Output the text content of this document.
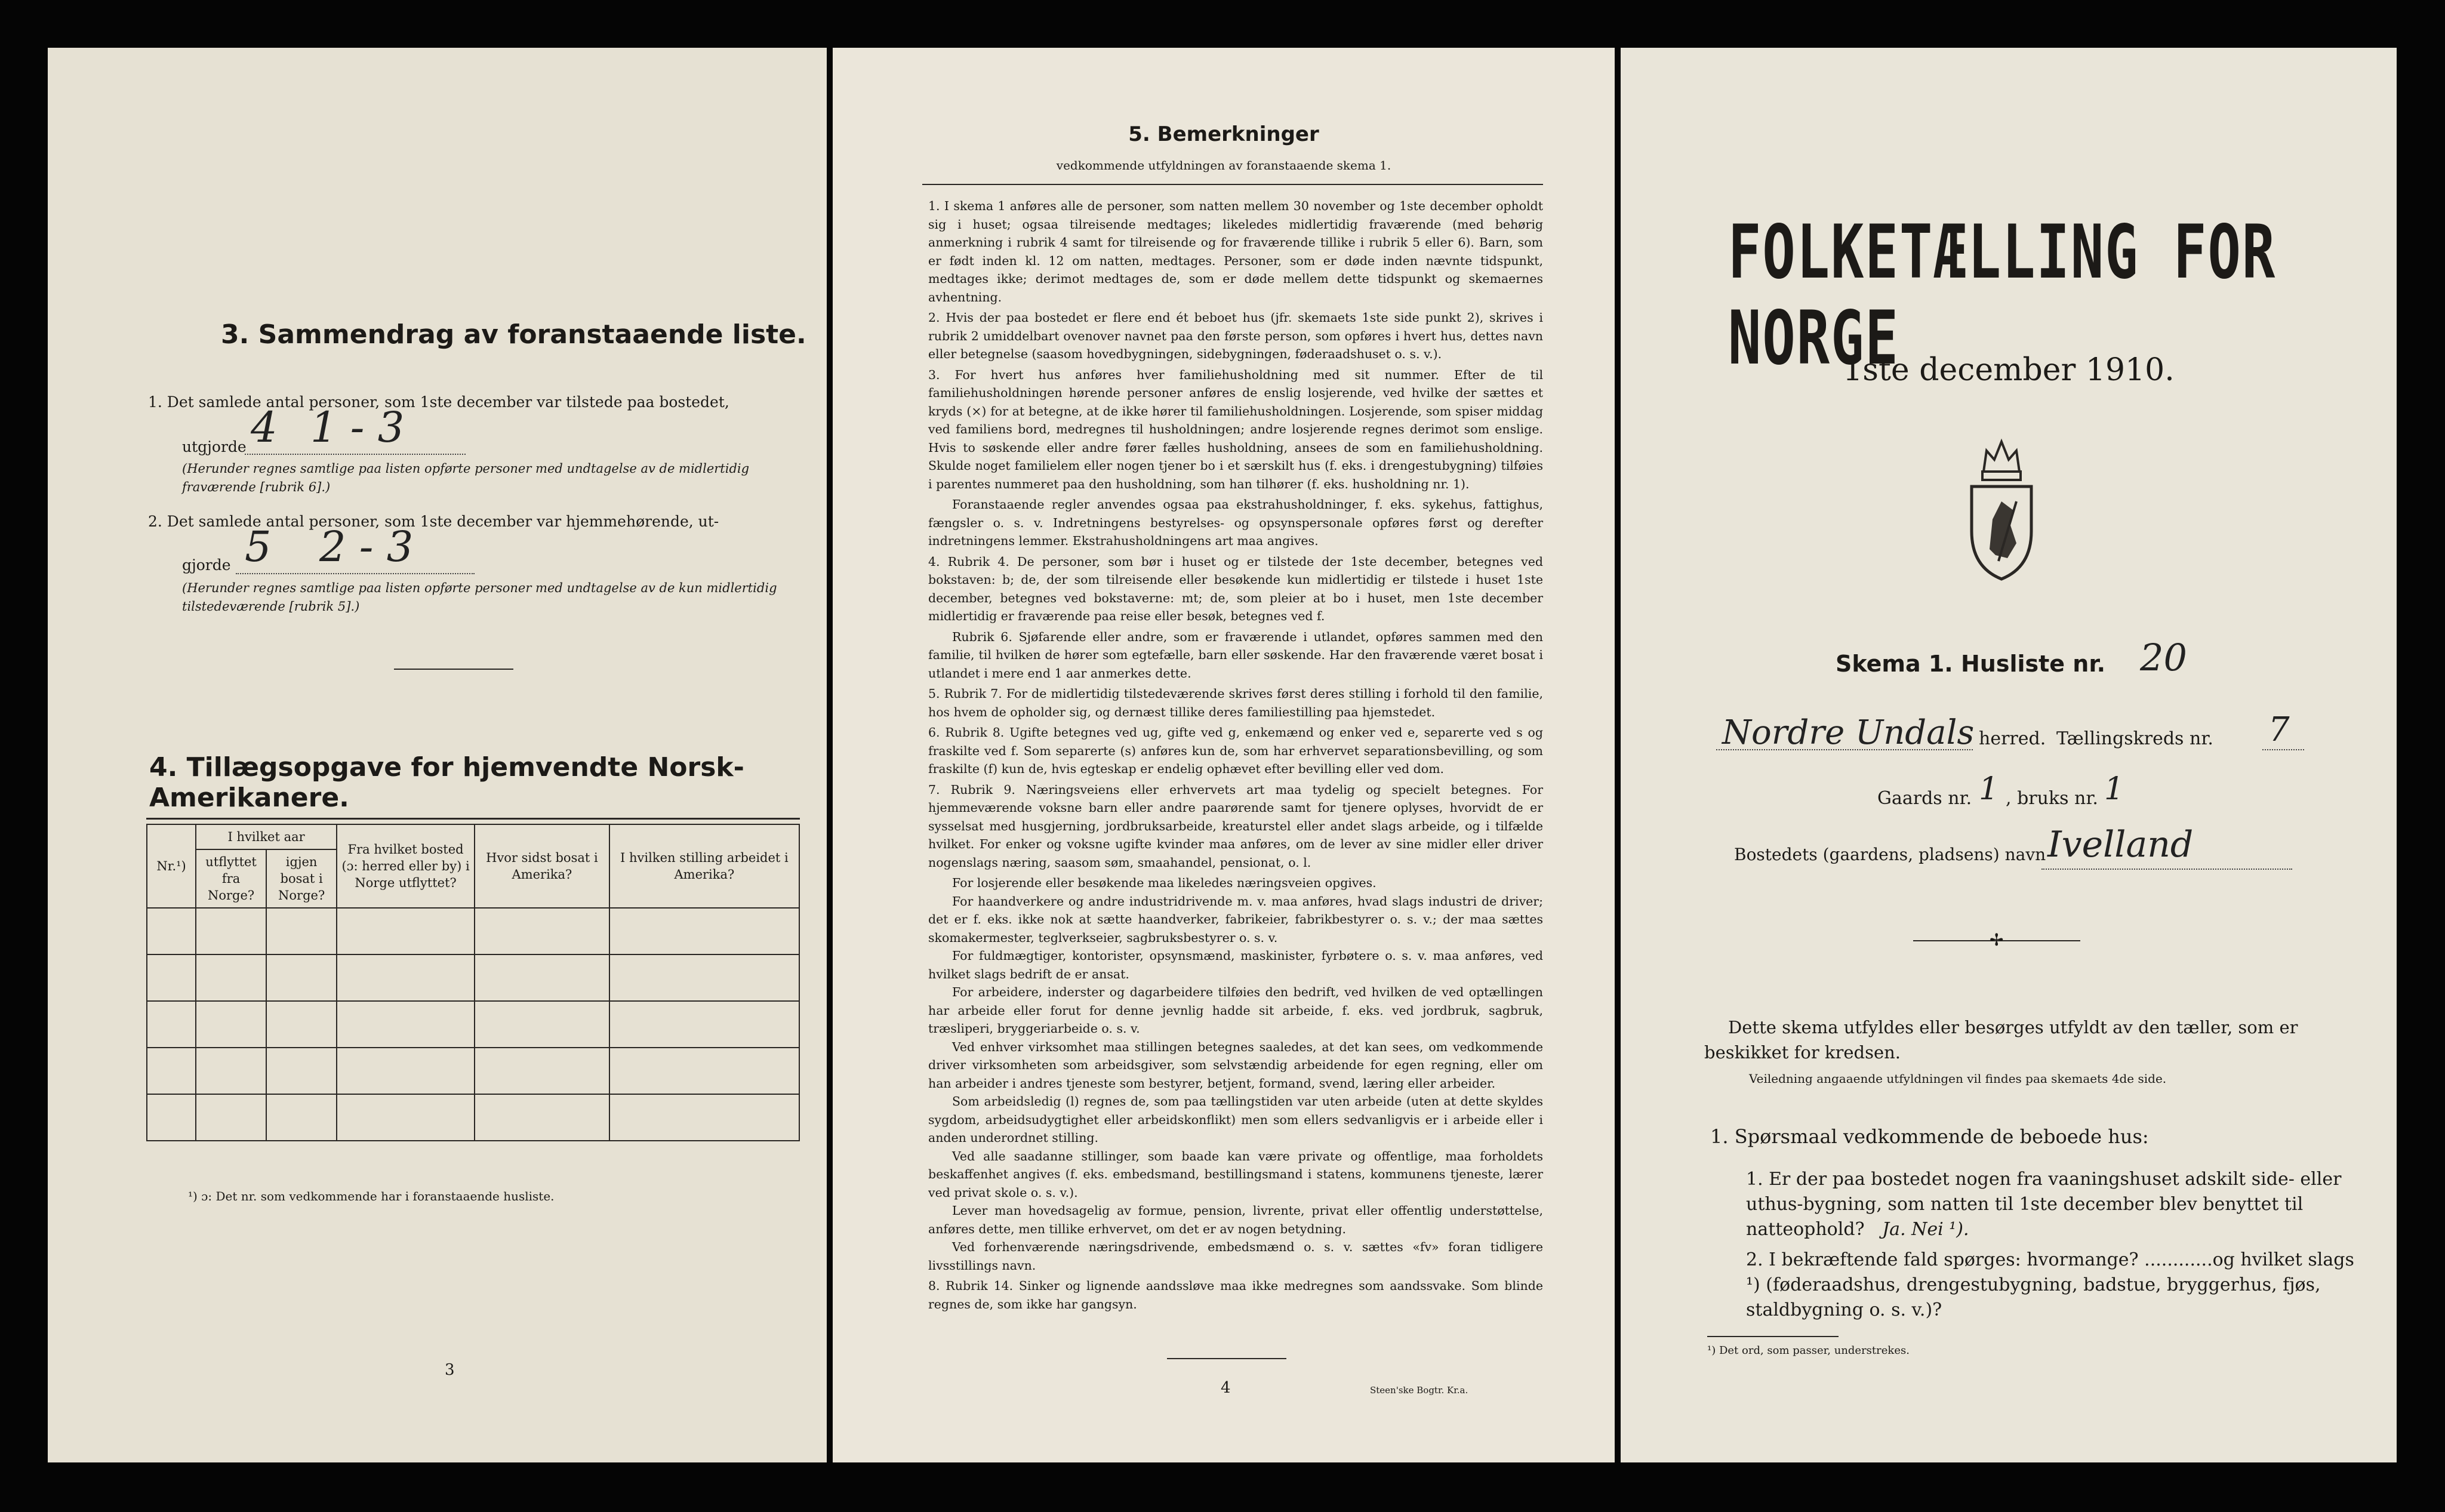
3. Sammendrag av foranstaaende liste.
1. Det samlede antal personer, som 1ste december var tilstede paa bostedet,
utgjorde 4 1 - 3
(Herunder regnes samtlige paa listen opførte personer med undtagelse av de midlertidig fraværende [rubrik 6].)
2. Det samlede antal personer, som 1ste december var hjemmehørende, ut-
gjorde 5 2 - 3
(Herunder regnes samtlige paa listen opførte personer med undtagelse av de kun midlertidig tilstedeværende [rubrik 5].)
4. Tillægsopgave for hjemvendte Norsk-Amerikanere.
Nr.¹)	I hvilket aar		Fra hvilket bosted (ɔ: herred eller by) i Norge utflyttet?	Hvor sidst bosat i Amerika?	I hvilken stilling arbeidet i Amerika?
	utflyttet fra Norge?	igjen bosat i Norge?			

¹) ɔ: Det nr. som vedkommende har i foranstaaende husliste.
3
5. Bemerkninger
vedkommende utfyldningen av foranstaaende skema 1.

1. I skema 1 anføres alle de personer, som natten mellem 30 november og 1ste december opholdt sig i huset; ogsaa tilreisende medtages; likeledes midlertidig fraværende (med behørig anmerkning i rubrik 4 samt for tilreisende og for fraværende tillike i rubrik 5 eller 6). Barn, som er født inden kl. 12 om natten, medtages. Personer, som er døde inden nævnte tidspunkt, medtages ikke; derimot medtages de, som er døde mellem dette tidspunkt og skemaernes avhentning.

2. Hvis der paa bostedet er flere end ét beboet hus (jfr. skemaets 1ste side punkt 2), skrives i rubrik 2 umiddelbart ovenover navnet paa den første person, som opføres i hvert hus, dettes navn eller betegnelse (saasom hovedbygningen, sidebygningen, føderaadshuset o. s. v.).

3. For hvert hus anføres hver familiehusholdning med sit nummer. Efter de til familiehusholdningen hørende personer anføres de enslig losjerende, ved hvilke der sættes et kryds (×) for at betegne, at de ikke hører til familiehusholdningen. Losjerende, som spiser middag ved familiens bord, medregnes til husholdningen; andre losjerende regnes derimot som enslige. Hvis to søskende eller andre fører fælles husholdning, ansees de som en familiehusholdning. Skulde noget familielem eller nogen tjener bo i et særskilt hus (f. eks. i drengestubygning) tilføies i parentes nummeret paa den husholdning, som han tilhører (f. eks. husholdning nr. 1).

Foranstaaende regler anvendes ogsaa paa ekstrahusholdninger, f. eks. sykehus, fattighus, fængsler o. s. v. Indretningens bestyrelses- og opsynspersonale opføres først og derefter indretningens lemmer. Ekstrahusholdningens art maa angives.

4. Rubrik 4. De personer, som bør i huset og er tilstede der 1ste december, betegnes ved bokstaven: b; de, der som tilreisende eller besøkende kun midlertidig er tilstede i huset 1ste december, betegnes ved bokstaverne: mt; de, som pleier at bo i huset, men 1ste december midlertidig er fraværende paa reise eller besøk, betegnes ved f.

Rubrik 6. Sjøfarende eller andre, som er fraværende i utlandet, opføres sammen med den familie, til hvilken de hører som egtefælle, barn eller søskende. Har den fraværende været bosat i utlandet i mere end 1 aar anmerkes dette.

5. Rubrik 7. For de midlertidig tilstedeværende skrives først deres stilling i forhold til den familie, hos hvem de opholder sig, og dernæst tillike deres familiestilling paa hjemstedet.

6. Rubrik 8. Ugifte betegnes ved ug, gifte ved g, enkemænd og enker ved e, separerte ved s og fraskilte ved f. Som separerte (s) anføres kun de, som har erhvervet separationsbevilling, og som fraskilte (f) kun de, hvis egteskap er endelig ophævet efter bevilling eller ved dom.

7. Rubrik 9. Næringsveiens eller erhvervets art maa tydelig og specielt betegnes. For hjemmeværende voksne barn eller andre paarørende samt for tjenere oplyses, hvorvidt de er sysselsat med husgjerning, jordbruksarbeide, kreaturstel eller andet slags arbeide, og i tilfælde hvilket. For enker og voksne ugifte kvinder maa anføres, om de lever av sine midler eller driver nogenslags næring, saasom søm, smaahandel, pensionat, o. l.

For losjerende eller besøkende maa likeledes næringsveien opgives.

For haandverkere og andre industridrivende m. v. maa anføres, hvad slags industri de driver; det er f. eks. ikke nok at sætte haandverker, fabrikeier, fabrikbestyrer o. s. v.; der maa sættes skomakermester, teglverkseier, sagbruksbestyrer o. s. v.

For fuldmægtiger, kontorister, opsynsmænd, maskinister, fyrbøtere o. s. v. maa anføres, ved hvilket slags bedrift de er ansat.

For arbeidere, inderster og dagarbeidere tilføies den bedrift, ved hvilken de ved optællingen har arbeide eller forut for denne jevnlig hadde sit arbeide, f. eks. ved jordbruk, sagbruk, træsliperi, bryggeriarbeide o. s. v.

Ved enhver virksomhet maa stillingen betegnes saaledes, at det kan sees, om vedkommende driver virksomheten som arbeidsgiver, som selvstændig arbeidende for egen regning, eller om han arbeider i andres tjeneste som bestyrer, betjent, formand, svend, læring eller arbeider.

Som arbeidsledig (l) regnes de, som paa tællingstiden var uten arbeide (uten at dette skyldes sygdom, arbeidsudygtighet eller arbeidskonflikt) men som ellers sedvanligvis er i arbeide eller i anden underordnet stilling.

Ved alle saadanne stillinger, som baade kan være private og offentlige, maa forholdets beskaffenhet angives (f. eks. embedsmand, bestillingsmand i statens, kommunens tjeneste, lærer ved privat skole o. s. v.).

Lever man hovedsagelig av formue, pension, livrente, privat eller offentlig understøttelse, anføres dette, men tillike erhvervet, om det er av nogen betydning.

Ved forhenværende næringsdrivende, embedsmænd o. s. v. sættes «fv» foran tidligere livsstillings navn.

8. Rubrik 14. Sinker og lignende aandssløve maa ikke medregnes som aandssvake. Som blinde regnes de, som ikke har gangsyn.

4	Steen'ske Bogtr. Kr.a.
FOLKETÆLLING FOR NORGE
1ste december 1910.
Skema 1. Husliste nr. 20
Nordre Undals herred. Tællingskreds nr. 7
Gaards nr. 1 , bruks nr. 1
Bostedets (gaardens, pladsens) navn Ivelland
✢
Dette skema utfyldes eller besørges utfyldt av den tæller, som er beskikket for kredsen.
Veiledning angaaende utfyldningen vil findes paa skemaets 4de side.
1. Spørsmaal vedkommende de beboede hus:
1. Er der paa bostedet nogen fra vaaningshuset adskilt side- eller uthus-bygning, som natten til 1ste december blev benyttet til natteophold? Ja. Nei ¹).
2. I bekræftende fald spørges: hvormange? ............og hvilket slags ¹) (føderaadshus, drengestubygning, badstue, bryggerhus, fjøs, staldbygning o. s. v.)?
¹) Det ord, som passer, understrekes.
